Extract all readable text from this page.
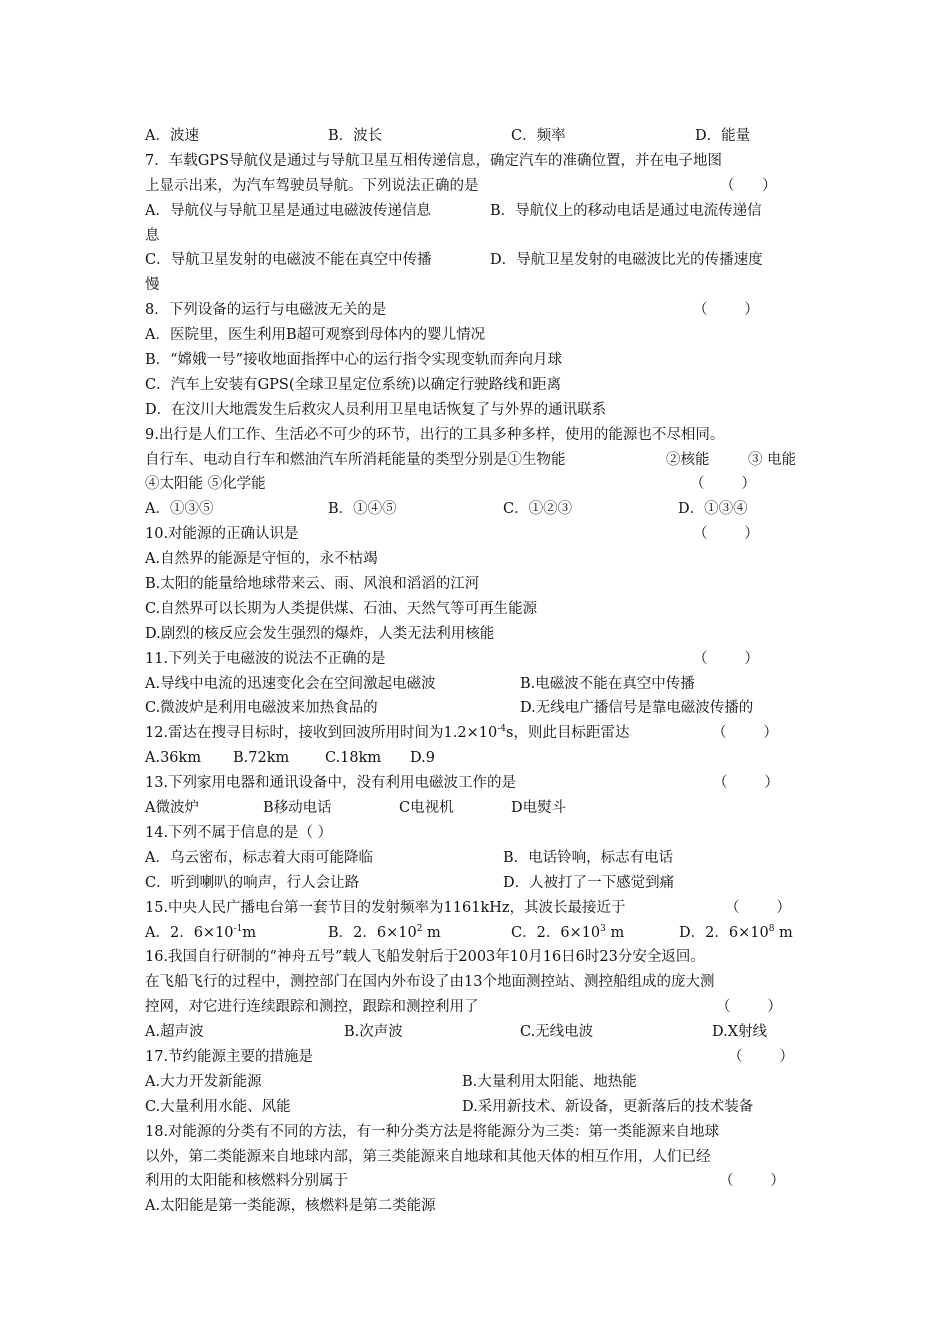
A．波速	B．波长	C．频率	D．能量
7．车载GPS导航仪是通过与导航卫星互相传递信息，确定汽车的准确位置，并在电子地图
上显示出来，为汽车驾驶员导航。下列说法正确的是	（      ）
A．导航仪与导航卫星是通过电磁波传递信息	B．导航仪上的移动电话是通过电流传递信
息
C．导航卫星发射的电磁波不能在真空中传播	D．导航卫星发射的电磁波比光的传播速度
慢
8．下列设备的运行与电磁波无关的是	（        ）
A．医院里，医生利用B超可观察到母体内的婴儿情况
B．“嫦娥一号”接收地面指挥中心的运行指令实现变轨而奔向月球
C．汽车上安装有GPS(全球卫星定位系统)以确定行驶路线和距离
D．在汶川大地震发生后救灾人员利用卫星电话恢复了与外界的通讯联系
9.出行是人们工作、生活必不可少的环节，出行的工具多种多样，使用的能源也不尽相同。
自行车、电动自行车和燃油汽车所消耗能量的类型分别是①生物能	②核能	③ 电能
④太阳能 ⑤化学能	（        ）
A．①③⑤	B．①④⑤	C．①②③	D．①③④
10.对能源的正确认识是	（        ）
A.自然界的能源是守恒的，永不枯竭
B.太阳的能量给地球带来云、雨、风浪和滔滔的江河
C.自然界可以长期为人类提供煤、石油、天然气等可再生能源
D.剧烈的核反应会发生强烈的爆炸，人类无法利用核能
11.下列关于电磁波的说法不正确的是	（        ）
A.导线中电流的迅速变化会在空间激起电磁波	B.电磁波不能在真空中传播
C.微波炉是利用电磁波来加热食品的	D.无线电广播信号是靠电磁波传播的
12.雷达在搜寻目标时，接收到回波所用时间为$1.2\times 10^{-4}s$，则此目标距雷达	（        ）
A.36km B.72km C.18km D.9
13.下列家用电器和通讯设备中，没有利用电磁波工作的是	（        ）
A微波炉	B移动电话	C电视机	D电熨斗
14.下列不属于信息的是（ ）
A．乌云密布，标志着大雨可能降临	B．电话铃响，标志有电话
C．听到喇叭的响声，行人会让路	D．人被打了一下感觉到痛
15.中央人民广播电台第一套节目的发射频率为1161kHz，其波长最接近于	（        ）
A．2．$6\times 10^{-1}m$	B．2．$6\times 10^2$ m	C．2．$6\times 10^3$ m	D．2．$6\times 10^8$ m
16.我国自行研制的“神舟五号”载人飞船发射后于2003年10月16日6时23分安全返回。
在飞船飞行的过程中，测控部门在国内外布设了由13个地面测控站、测控船组成的庞大测
控网，对它进行连续跟踪和测控，跟踪和测控利用了	（        ）
A.超声波	B.次声波	C.无线电波	D.X射线
17.节约能源主要的措施是	（        ）
A.大力开发新能源	B.大量利用太阳能、地热能
C.大量利用水能、风能	D.采用新技术、新设备，更新落后的技术装备
18.对能源的分类有不同的方法，有一种分类方法是将能源分为三类：第一类能源来自地球
以外，第二类能源来自地球内部，第三类能源来自地球和其他天体的相互作用，人们已经
利用的太阳能和核燃料分别属于	（        ）
A.太阳能是第一类能源，核燃料是第二类能源
